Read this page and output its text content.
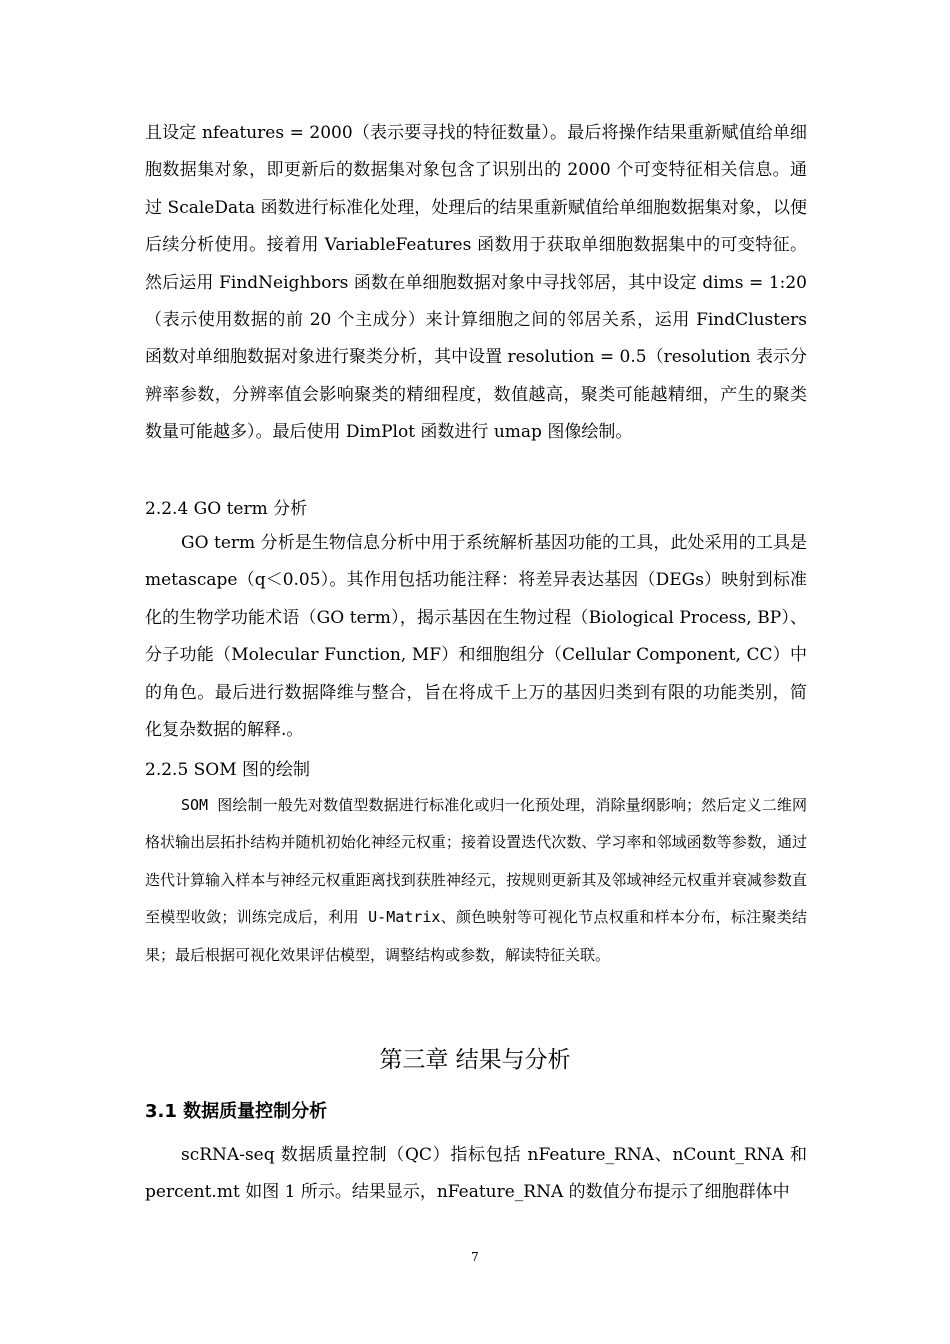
且设定 nfeatures = 2000（表示要寻找的特征数量）。最后将操作结果重新赋值给单细胞数据集对象，即更新后的数据集对象包含了识别出的 2000 个可变特征相关信息。通过 ScaleData 函数进行标准化处理，处理后的结果重新赋值给单细胞数据集对象，以便后续分析使用。接着用 VariableFeatures 函数用于获取单细胞数据集中的可变特征。然后运用 FindNeighbors 函数在单细胞数据对象中寻找邻居，其中设定 dims = 1:20（表示使用数据的前 20 个主成分）来计算细胞之间的邻居关系，运用 FindClusters 函数对单细胞数据对象进行聚类分析，其中设置 resolution = 0.5（resolution 表示分辨率参数，分辨率值会影响聚类的精细程度，数值越高，聚类可能越精细，产生的聚类数量可能越多）。最后使用 DimPlot 函数进行 umap 图像绘制。

2.2.4 GO term 分析

GO term 分析是生物信息分析中用于系统解析基因功能的工具，此处采用的工具是 metascape（q＜0.05）。其作用包括功能注释：将差异表达基因（DEGs）映射到标准化的生物学功能术语（GO term），揭示基因在生物过程（Biological Process, BP）、分子功能（Molecular Function, MF）和细胞组分（Cellular Component, CC）中的角色。最后进行数据降维与整合，旨在将成千上万的基因归类到有限的功能类别，简化复杂数据的解释.。

2.2.5 SOM 图的绘制

SOM 图绘制一般先对数值型数据进行标准化或归一化预处理，消除量纲影响；然后定义二维网格状输出层拓扑结构并随机初始化神经元权重；接着设置迭代次数、学习率和邻域函数等参数，通过迭代计算输入样本与神经元权重距离找到获胜神经元，按规则更新其及邻域神经元权重并衰减参数直至模型收敛；训练完成后，利用 U-Matrix、颜色映射等可视化节点权重和样本分布，标注聚类结果；最后根据可视化效果评估模型，调整结构或参数，解读特征关联。

第三章 结果与分析
3.1 数据质量控制分析

scRNA-seq 数据质量控制（QC）指标包括 nFeature_RNA、nCount_RNA 和 percent.mt 如图 1 所示。结果显示，nFeature_RNA 的数值分布提示了细胞群体中

7
